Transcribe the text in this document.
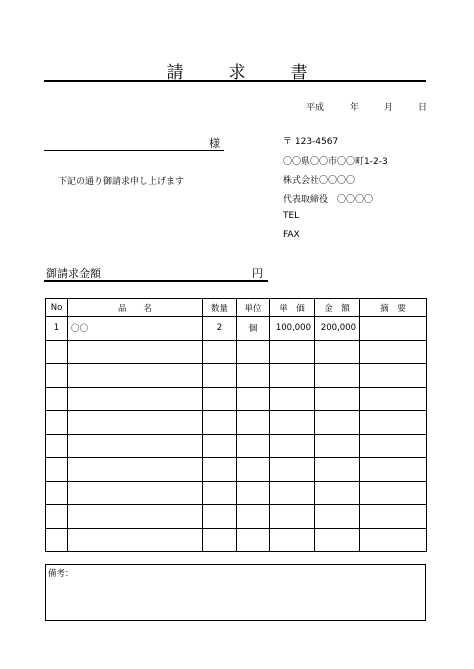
請　求　書
平成	年	月	日
様
下記の通り御請求申し上げます
〒 123-4567
〇〇県〇〇市〇〇町1-2-3
株式会社〇〇〇〇
代表取締役　〇〇〇〇
TEL
FAX
御請求金額	円
No	品　　名	数量	単位	単　価	金　額	摘　要
1	〇〇	2	個	100,000	200,000	

備考：
